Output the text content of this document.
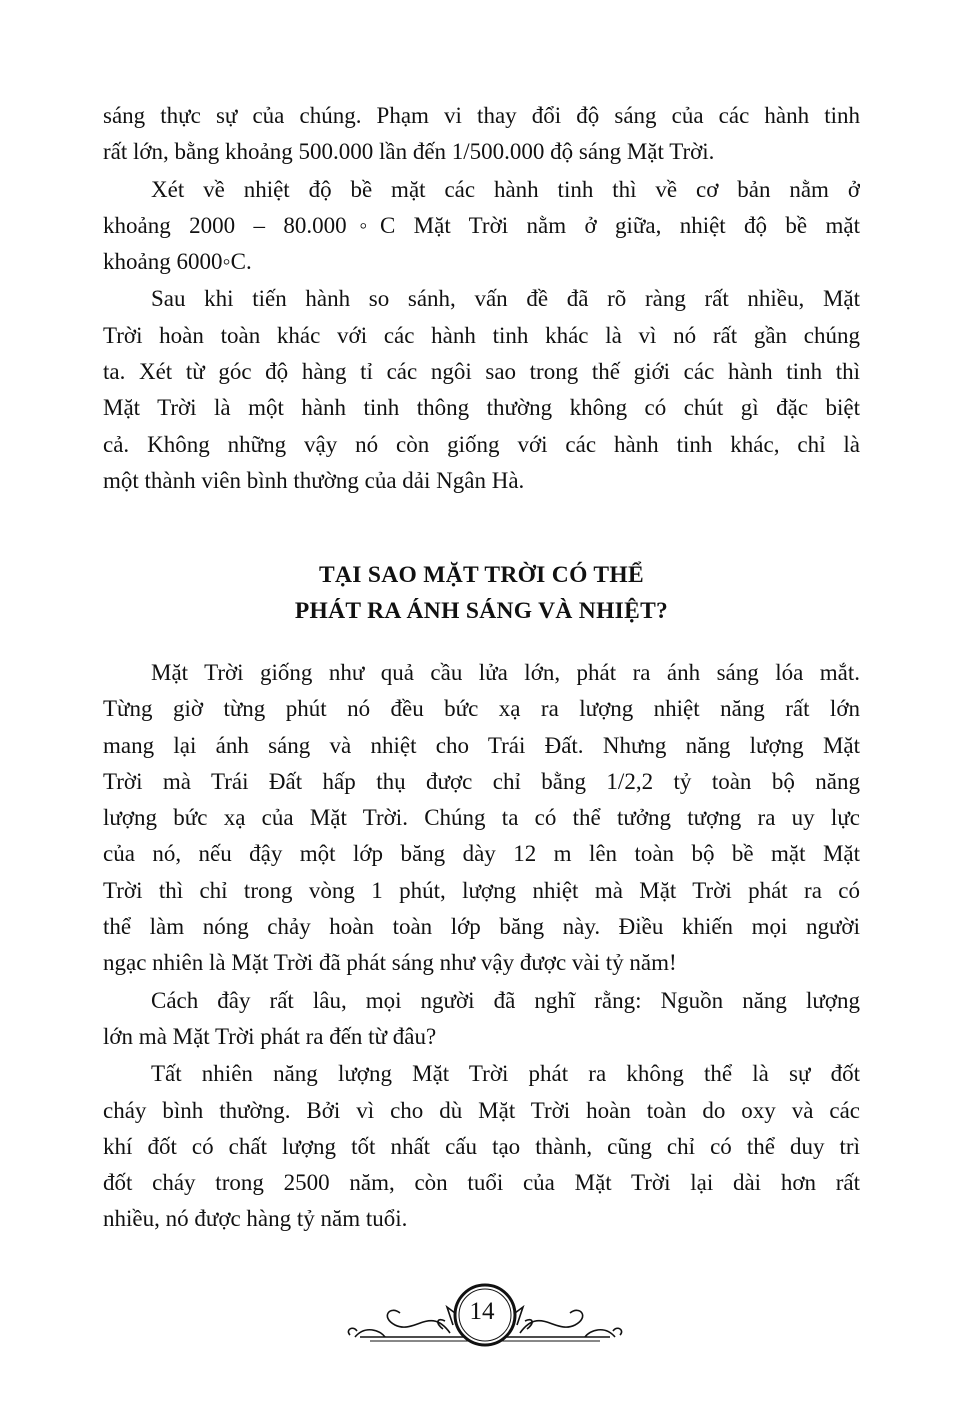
sáng thực sự của chúng. Phạm vi thay đổi độ sáng của các hành tinh
rất lớn, bằng khoảng 500.000 lần đến 1/500.000 độ sáng Mặt Trời.
Xét về nhiệt độ bề mặt các hành tinh thì về cơ bản nằm ở
khoảng 2000 – 80.000◦C Mặt Trời nằm ở giữa, nhiệt độ bề mặt
khoảng 6000◦C.
Sau khi tiến hành so sánh, vấn đề đã rõ ràng rất nhiều, Mặt
Trời hoàn toàn khác với các hành tinh khác là vì nó rất gần chúng
ta. Xét từ góc độ hàng tỉ các ngôi sao trong thế giới các hành tinh thì
Mặt Trời là một hành tinh thông thường không có chút gì đặc biệt
cả. Không những vậy nó còn giống với các hành tinh khác, chỉ là
một thành viên bình thường của dải Ngân Hà.
TẠI SAO MẶT TRỜI CÓ THỂ
PHÁT RA ÁNH SÁNG VÀ NHIỆT?
Mặt Trời giống như quả cầu lửa lớn, phát ra ánh sáng lóa mắt.
Từng giờ từng phút nó đều bức xạ ra lượng nhiệt năng rất lớn
mang lại ánh sáng và nhiệt cho Trái Đất. Nhưng năng lượng Mặt
Trời mà Trái Đất hấp thụ được chỉ bằng 1/2,2 tỷ toàn bộ năng
lượng bức xạ của Mặt Trời. Chúng ta có thể tưởng tượng ra uy lực
của nó, nếu đậy một lớp băng dày 12 m lên toàn bộ bề mặt Mặt
Trời thì chỉ trong vòng 1 phút, lượng nhiệt mà Mặt Trời phát ra có
thể làm nóng chảy hoàn toàn lớp băng này. Điều khiến mọi người
ngạc nhiên là Mặt Trời đã phát sáng như vậy được vài tỷ năm!
Cách đây rất lâu, mọi người đã nghĩ rằng: Nguồn năng lượng
lớn mà Mặt Trời phát ra đến từ đâu?
Tất nhiên năng lượng Mặt Trời phát ra không thể là sự đốt
cháy bình thường. Bởi vì cho dù Mặt Trời hoàn toàn do oxy và các
khí đốt có chất lượng tốt nhất cấu tạo thành, cũng chỉ có thể duy trì
đốt cháy trong 2500 năm, còn tuổi của Mặt Trời lại dài hơn rất
nhiều, nó được hàng tỷ năm tuổi.
14
